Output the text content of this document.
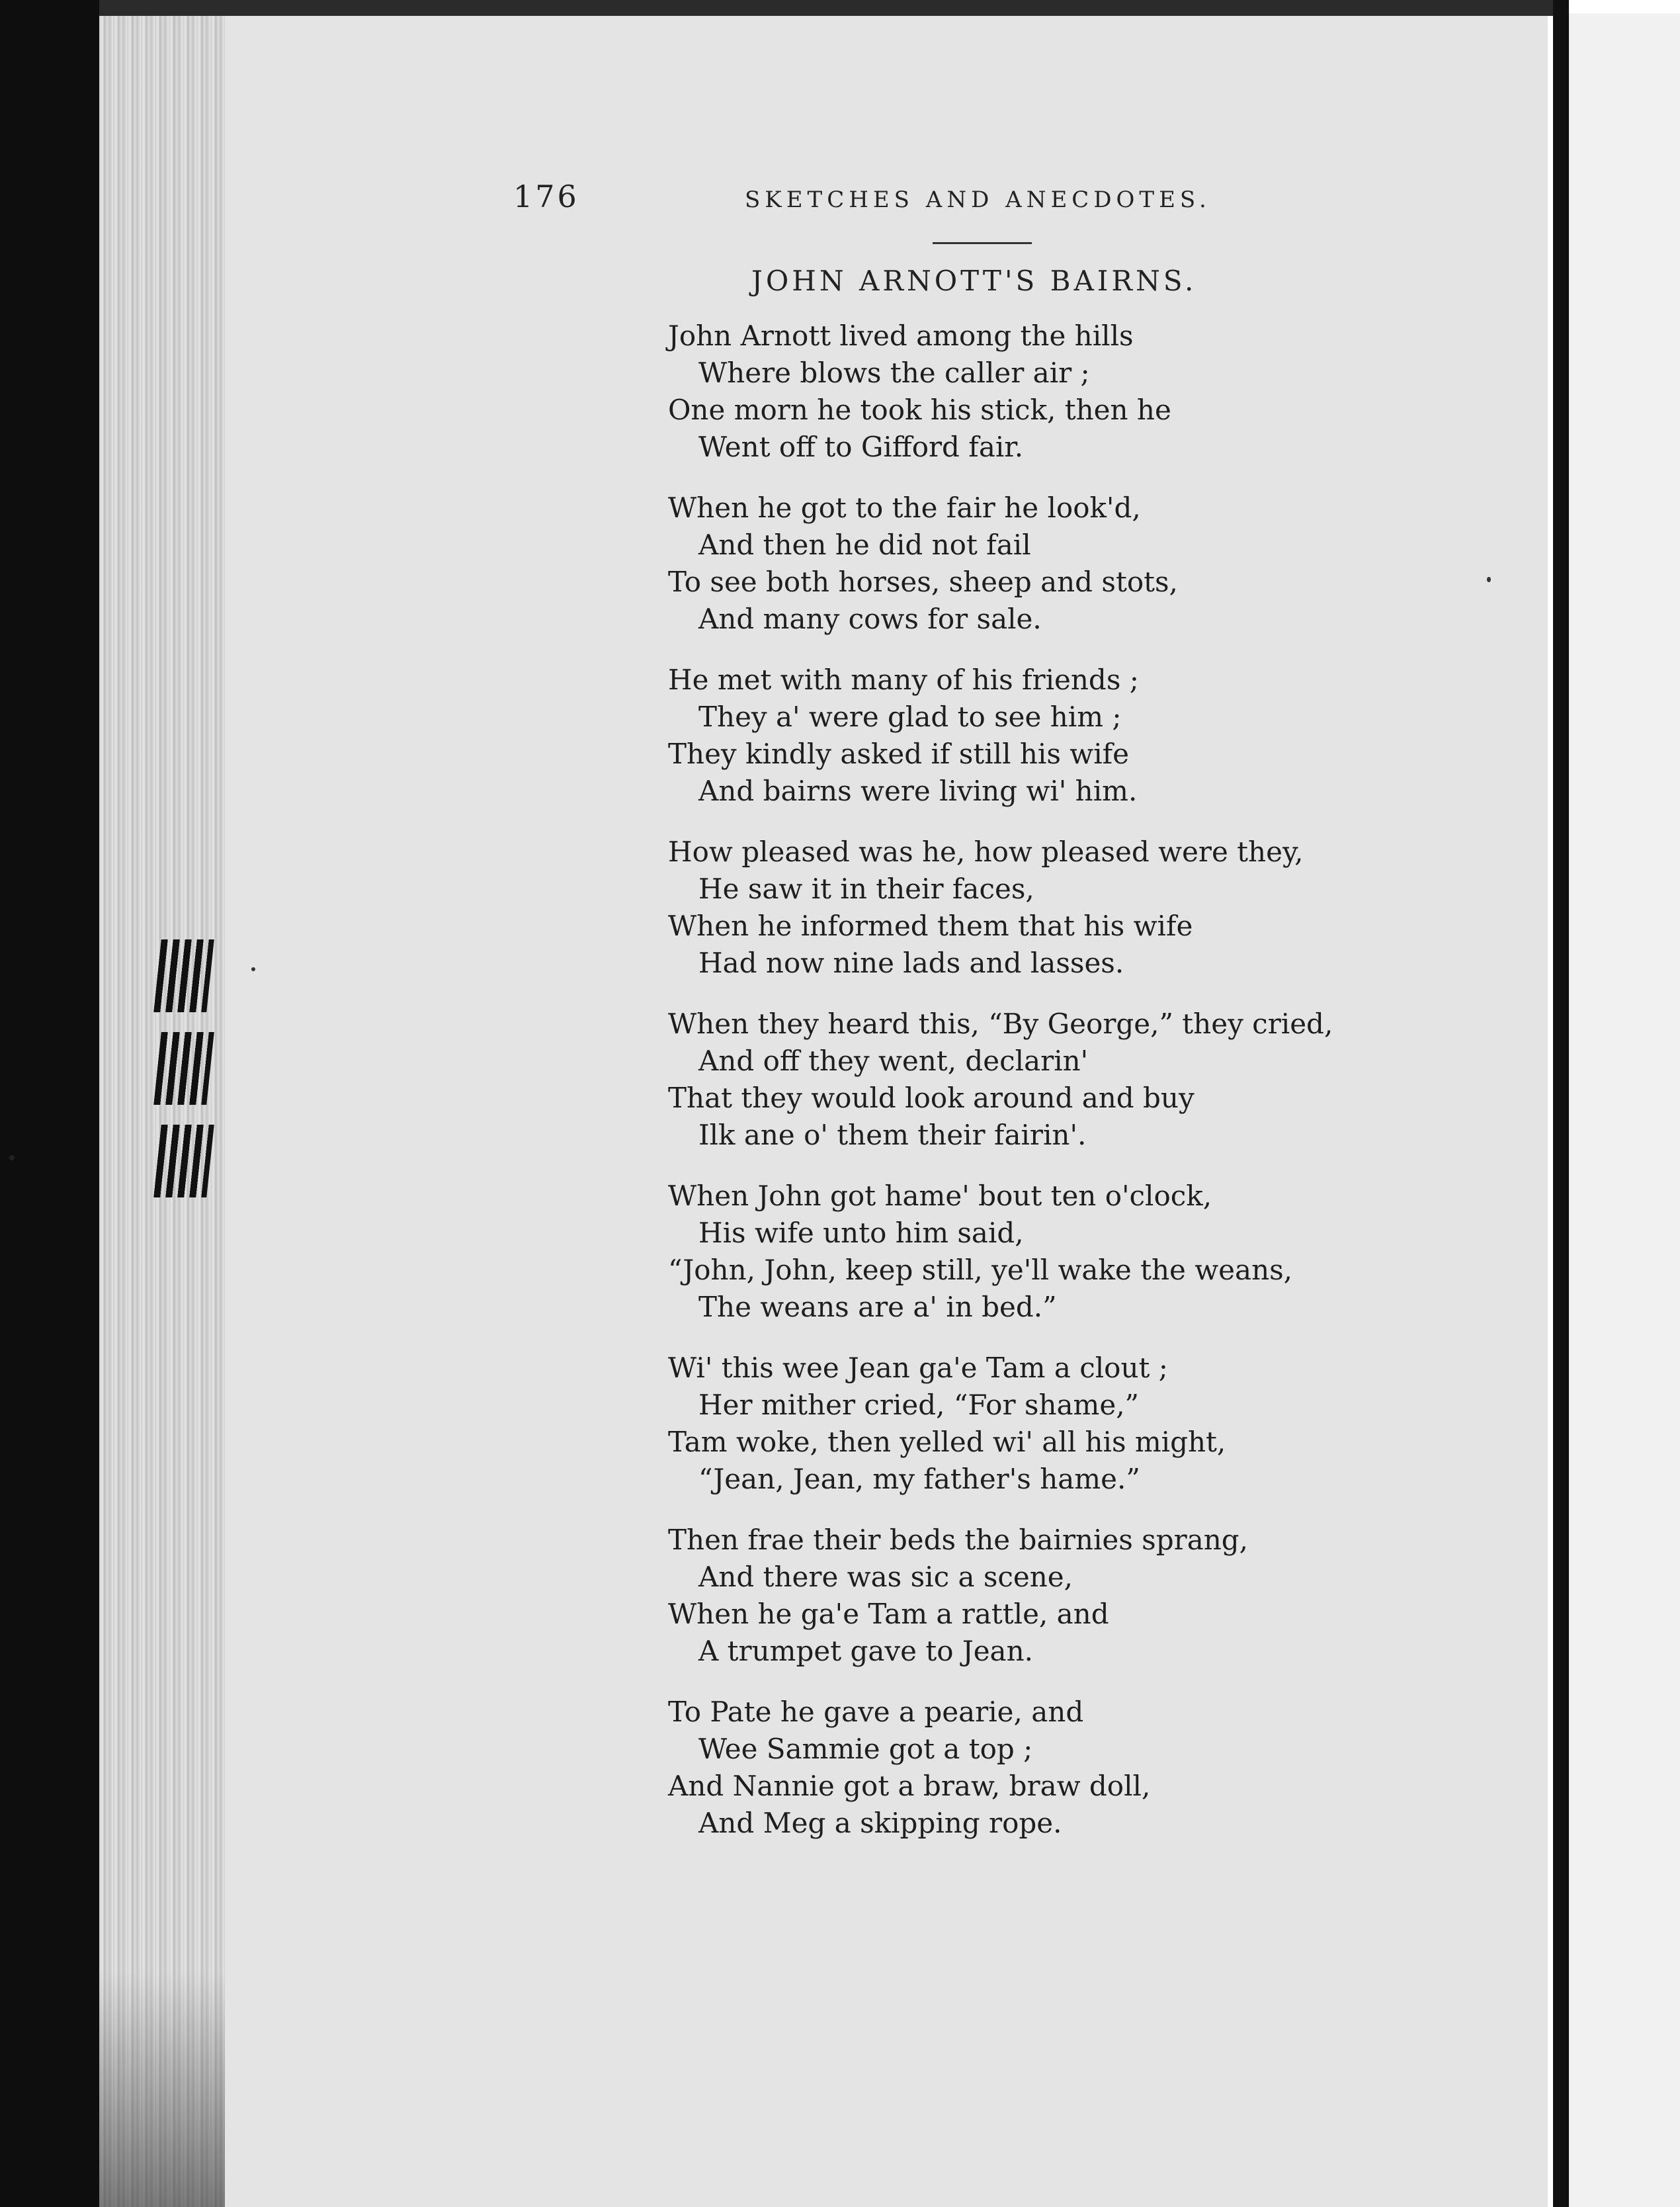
176	SKETCHES AND ANECDOTES.
JOHN ARNOTT'S BAIRNS.
John Arnott lived among the hills
Where blows the caller air ;
One morn he took his stick, then he
Went off to Gifford fair.
When he got to the fair he look'd,
And then he did not fail
To see both horses, sheep and stots,
And many cows for sale.
He met with many of his friends ;
They a' were glad to see him ;
They kindly asked if still his wife
And bairns were living wi' him.
How pleased was he, how pleased were they,
He saw it in their faces,
When he informed them that his wife
Had now nine lads and lasses.
When they heard this, “By George,” they cried,
And off they went, declarin'
That they would look around and buy
Ilk ane o' them their fairin'.
When John got hame' bout ten o'clock,
His wife unto him said,
“John, John, keep still, ye'll wake the weans,
The weans are a' in bed.”
Wi' this wee Jean ga'e Tam a clout ;
Her mither cried, “For shame,”
Tam woke, then yelled wi' all his might,
“Jean, Jean, my father's hame.”
Then frae their beds the bairnies sprang,
And there was sic a scene,
When he ga'e Tam a rattle, and
A trumpet gave to Jean.
To Pate he gave a pearie, and
Wee Sammie got a top ;
And Nannie got a braw, braw doll,
And Meg a skipping rope.
